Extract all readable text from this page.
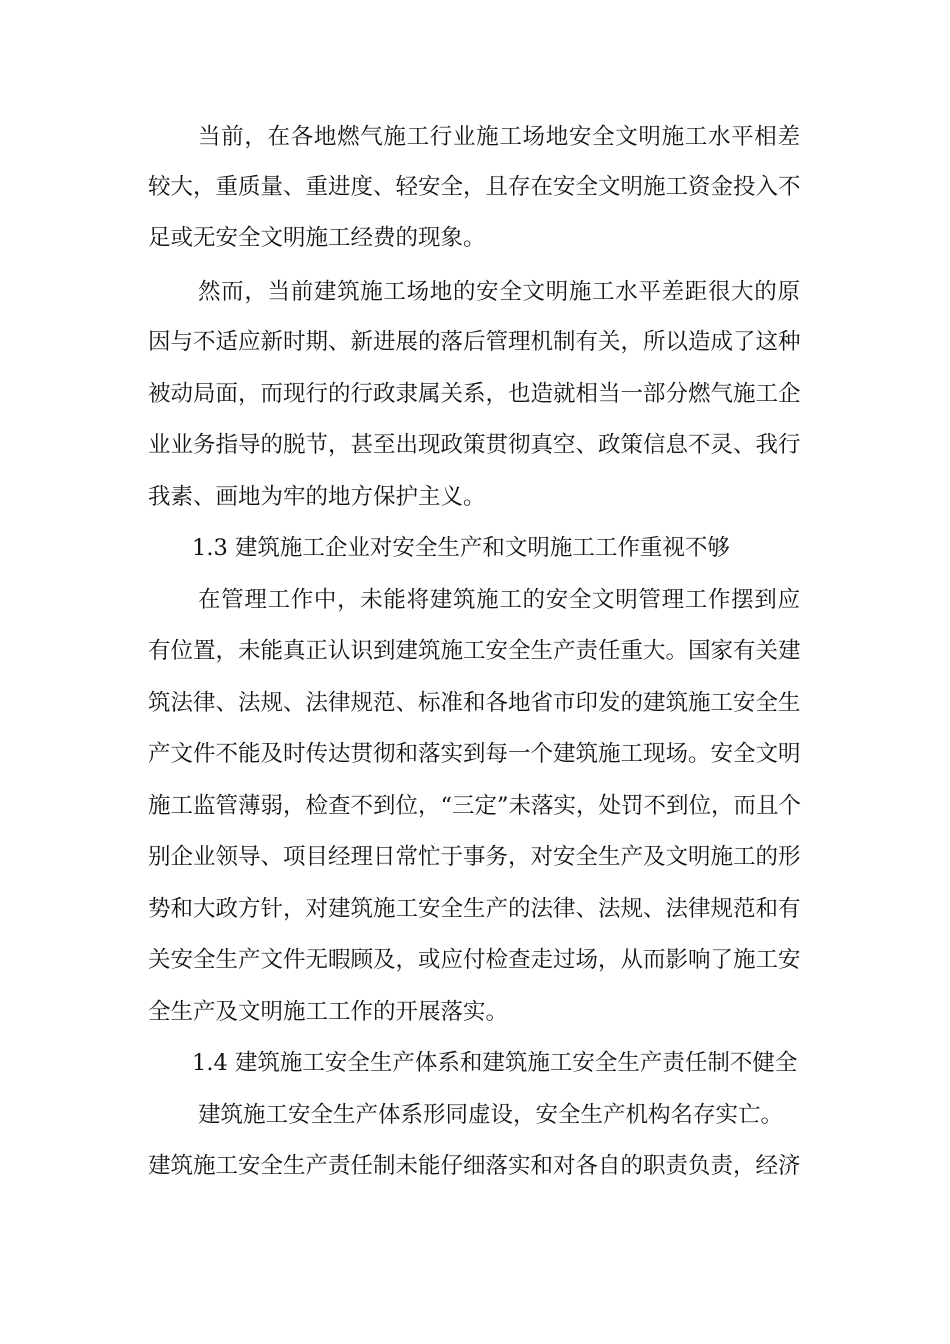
当前，在各地燃气施工行业施工场地安全文明施工水平相差
较大，重质量、重进度、轻安全，且存在安全文明施工资金投入不
足或无安全文明施工经费的现象。
然而，当前建筑施工场地的安全文明施工水平差距很大的原
因与不适应新时期、新进展的落后管理机制有关，所以造成了这种
被动局面，而现行的行政隶属关系，也造就相当一部分燃气施工企
业业务指导的脱节，甚至出现政策贯彻真空、政策信息不灵、我行
我素、画地为牢的地方保护主义。
1.3 建筑施工企业对安全生产和文明施工工作重视不够
在管理工作中，未能将建筑施工的安全文明管理工作摆到应
有位置，未能真正认识到建筑施工安全生产责任重大。国家有关建
筑法律、法规、法律规范、标准和各地省市印发的建筑施工安全生
产文件不能及时传达贯彻和落实到每一个建筑施工现场。安全文明
施工监管薄弱，检查不到位，“三定”未落实，处罚不到位，而且个
别企业领导、项目经理日常忙于事务，对安全生产及文明施工的形
势和大政方针，对建筑施工安全生产的法律、法规、法律规范和有
关安全生产文件无暇顾及，或应付检查走过场，从而影响了施工安
全生产及文明施工工作的开展落实。
1.4 建筑施工安全生产体系和建筑施工安全生产责任制不健全
建筑施工安全生产体系形同虚设，安全生产机构名存实亡。
建筑施工安全生产责任制未能仔细落实和对各自的职责负责，经济
